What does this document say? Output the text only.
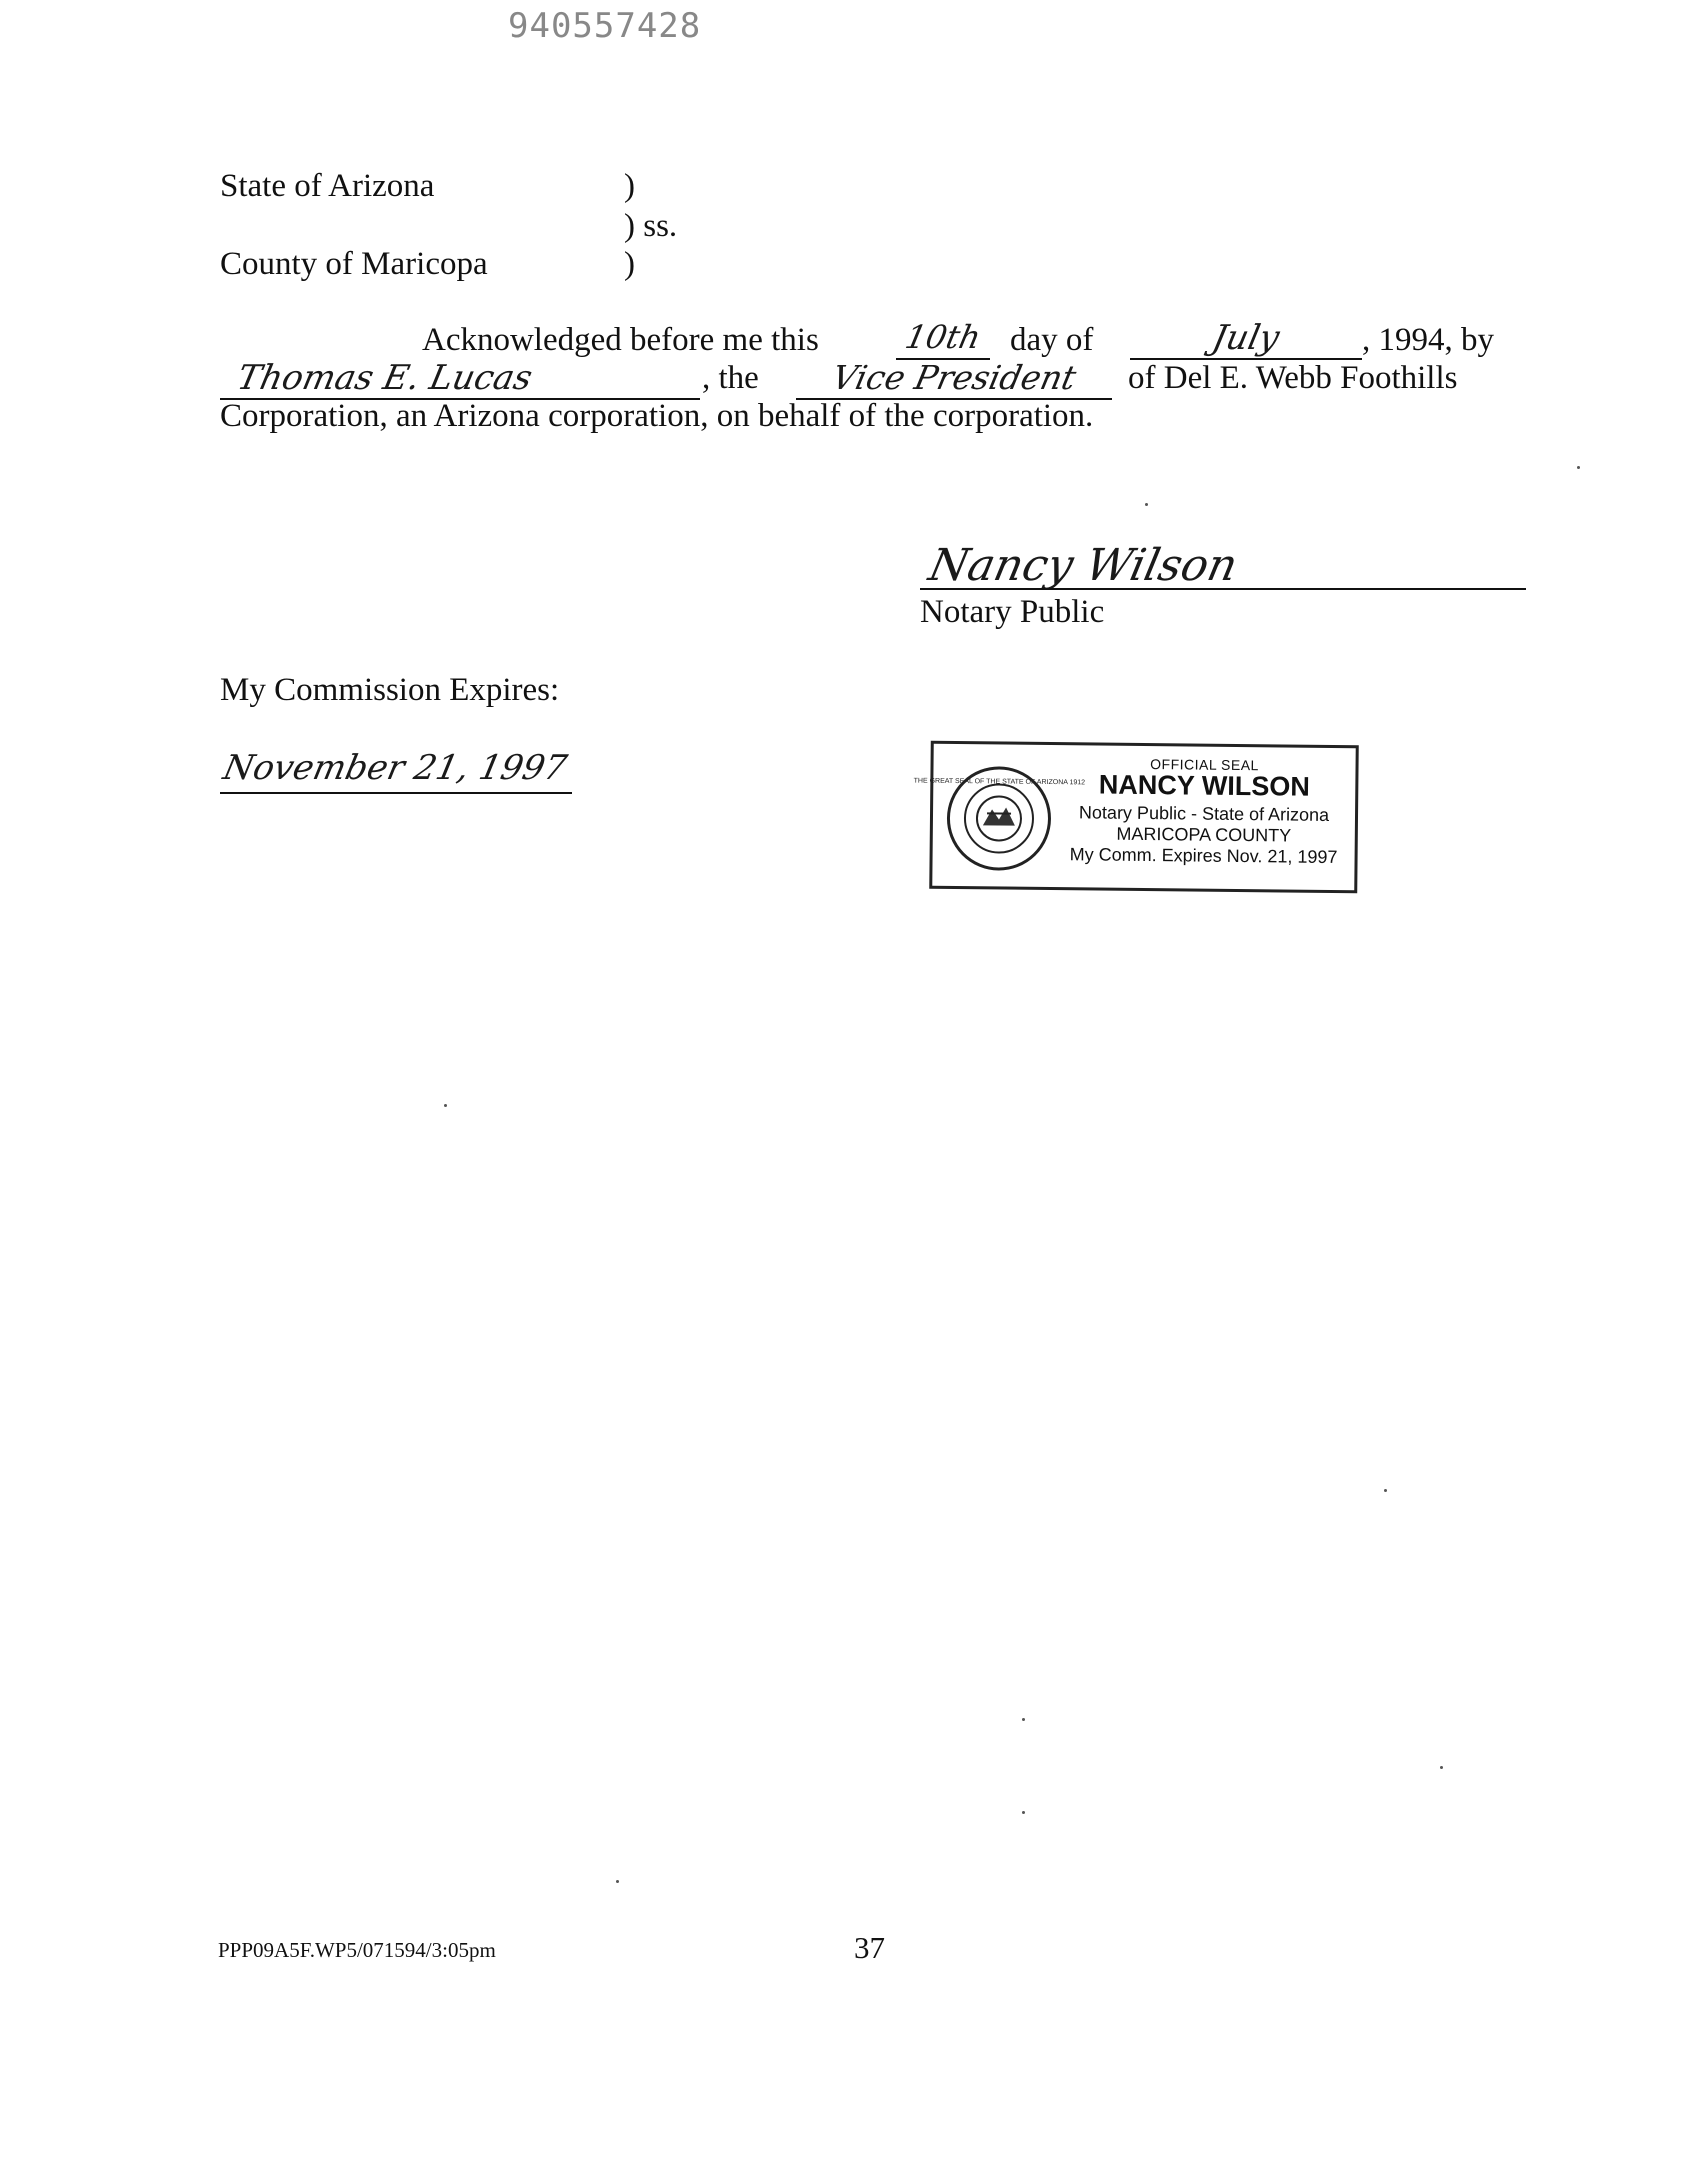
940557428
State of Arizona	)
) ss.
County of Maricopa	)
Acknowledged before me this	10th day of	July	, 1994, by
Thomas E. Lucas	, the	Vice President	of Del E. Webb Foothills
Corporation, an Arizona corporation, on behalf of the corporation.
Nancy Wilson
Notary Public
My Commission Expires:
November 21, 1997	THE GREAT SEAL OF THE STATE OF ARIZONA 1912
OFFICIAL SEAL
NANCY WILSON
Notary Public - State of Arizona
MARICOPA COUNTY
My Comm. Expires Nov. 21, 1997
PPP09A5F.WP5/071594/3:05pm	37
